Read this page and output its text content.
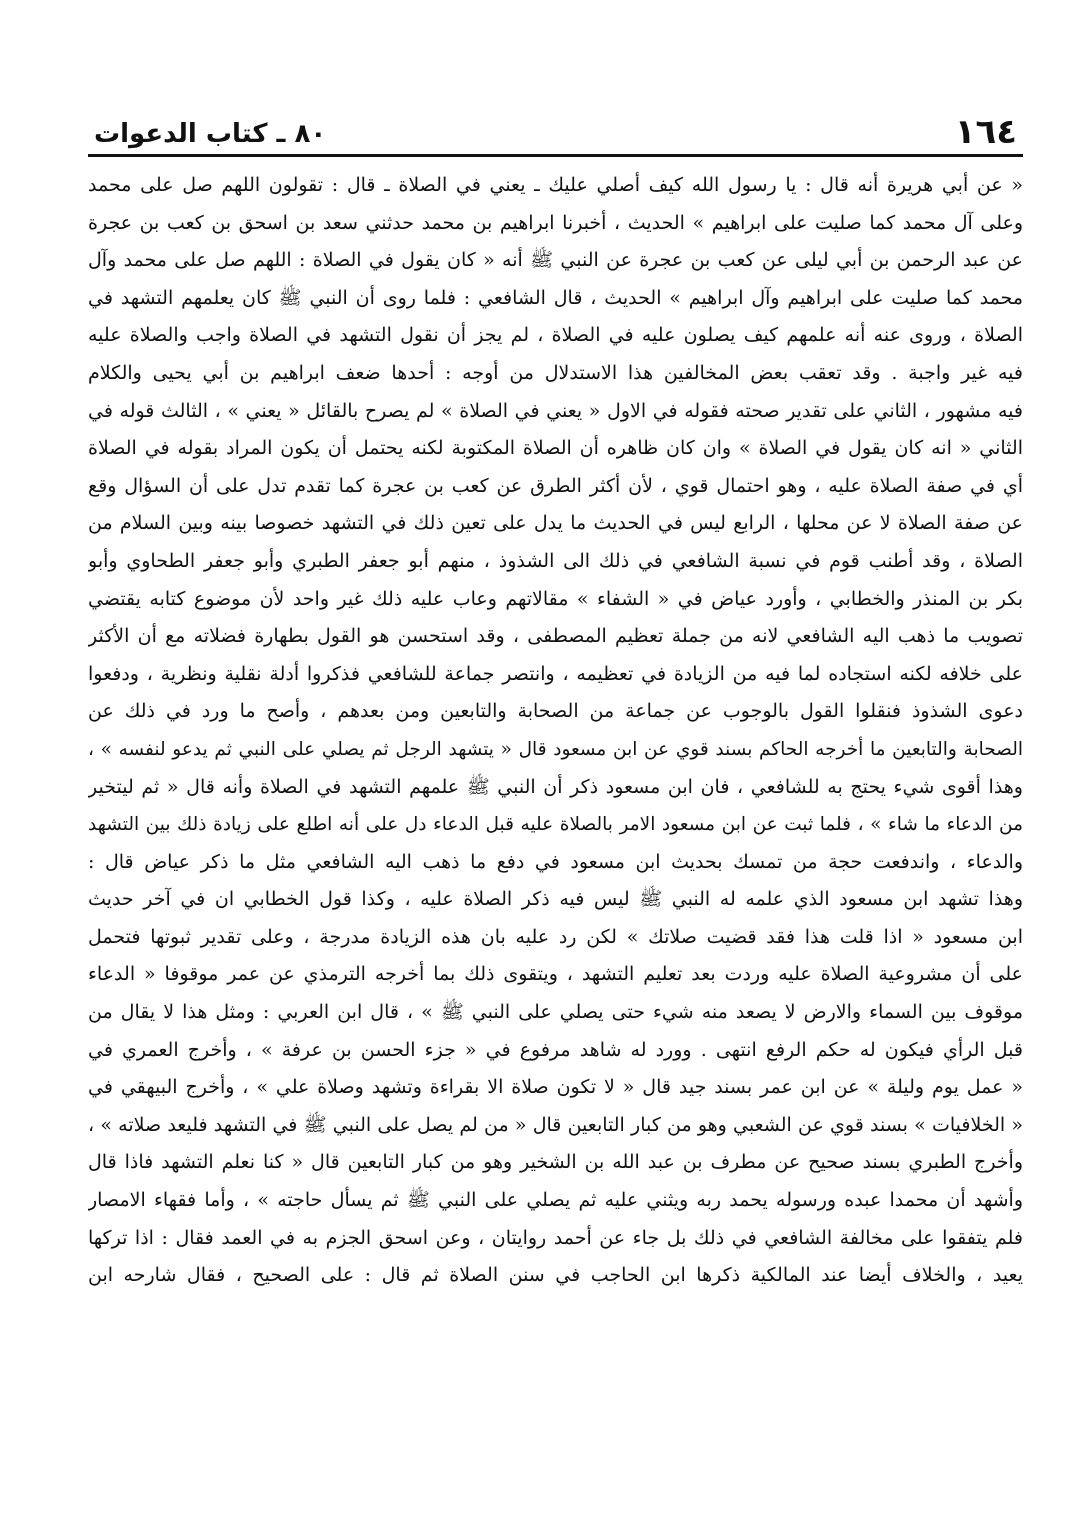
١٦٤
٨٠ ـ كتاب الدعوات
« عن أبي هريرة أنه قال : يا رسول الله كيف أصلي عليك ـ يعني في الصلاة ـ قال : تقولون اللهم صل على محمد
وعلى آل محمد كما صليت على ابراهيم » الحديث ، أخبرنا ابراهيم بن محمد حدثني سعد بن اسحق بن كعب بن عجرة
عن عبد الرحمن بن أبي ليلى عن كعب بن عجرة عن النبي ﷺ أنه « كان يقول في الصلاة : اللهم صل على محمد وآل
محمد كما صليت على ابراهيم وآل ابراهيم » الحديث ، قال الشافعي : فلما روى أن النبي ﷺ كان يعلمهم التشهد في
الصلاة ، وروى عنه أنه علمهم كيف يصلون عليه في الصلاة ، لم يجز أن نقول التشهد في الصلاة واجب والصلاة عليه
فيه غير واجبة . وقد تعقب بعض المخالفين هذا الاستدلال من أوجه : أحدها ضعف ابراهيم بن أبي يحيى والكلام
فيه مشهور ، الثاني على تقدير صحته فقوله في الاول « يعني في الصلاة » لم يصرح بالقائل « يعني » ، الثالث قوله في
الثاني « انه كان يقول في الصلاة » وان كان ظاهره أن الصلاة المكتوبة لكنه يحتمل أن يكون المراد بقوله في الصلاة
أي في صفة الصلاة عليه ، وهو احتمال قوي ، لأن أكثر الطرق عن كعب بن عجرة كما تقدم تدل على أن السؤال وقع
عن صفة الصلاة لا عن محلها ، الرابع ليس في الحديث ما يدل على تعين ذلك في التشهد خصوصا بينه وبين السلام من
الصلاة ، وقد أطنب قوم في نسبة الشافعي في ذلك الى الشذوذ ، منهم أبو جعفر الطبري وأبو جعفر الطحاوي وأبو
بكر بن المنذر والخطابي ، وأورد عياض في « الشفاء » مقالاتهم وعاب عليه ذلك غير واحد لأن موضوع كتابه يقتضي
تصويب ما ذهب اليه الشافعي لانه من جملة تعظيم المصطفى ، وقد استحسن هو القول بطهارة فضلاته مع أن الأكثر
على خلافه لكنه استجاده لما فيه من الزيادة في تعظيمه ، وانتصر جماعة للشافعي فذكروا أدلة نقلية ونظرية ، ودفعوا
دعوى الشذوذ فنقلوا القول بالوجوب عن جماعة من الصحابة والتابعين ومن بعدهم ، وأصح ما ورد في ذلك عن
الصحابة والتابعين ما أخرجه الحاكم بسند قوي عن ابن مسعود قال « يتشهد الرجل ثم يصلي على النبي ثم يدعو لنفسه » ،
وهذا أقوى شيء يحتج به للشافعي ، فان ابن مسعود ذكر أن النبي ﷺ علمهم التشهد في الصلاة وأنه قال « ثم ليتخير
من الدعاء ما شاء » ، فلما ثبت عن ابن مسعود الامر بالصلاة عليه قبل الدعاء دل على أنه اطلع على زيادة ذلك بين التشهد
والدعاء ، واندفعت حجة من تمسك بحديث ابن مسعود في دفع ما ذهب اليه الشافعي مثل ما ذكر عياض قال :
وهذا تشهد ابن مسعود الذي علمه له النبي ﷺ ليس فيه ذكر الصلاة عليه ، وكذا قول الخطابي ان في آخر حديث
ابن مسعود « اذا قلت هذا فقد قضيت صلاتك » لكن رد عليه بان هذه الزيادة مدرجة ، وعلى تقدير ثبوتها فتحمل
على أن مشروعية الصلاة عليه وردت بعد تعليم التشهد ، ويتقوى ذلك بما أخرجه الترمذي عن عمر موقوفا « الدعاء
موقوف بين السماء والارض لا يصعد منه شيء حتى يصلي على النبي ﷺ » ، قال ابن العربي : ومثل هذا لا يقال من
قبل الرأي فيكون له حكم الرفع انتهى . وورد له شاهد مرفوع في « جزء الحسن بن عرفة » ، وأخرج العمري في
« عمل يوم وليلة » عن ابن عمر بسند جيد قال « لا تكون صلاة الا بقراءة وتشهد وصلاة علي » ، وأخرج البيهقي في
« الخلافيات » بسند قوي عن الشعبي وهو من كبار التابعين قال « من لم يصل على النبي ﷺ في التشهد فليعد صلاته » ،
وأخرج الطبري بسند صحيح عن مطرف بن عبد الله بن الشخير وهو من كبار التابعين قال « كنا نعلم التشهد فاذا قال
وأشهد أن محمدا عبده ورسوله يحمد ربه ويثني عليه ثم يصلي على النبي ﷺ ثم يسأل حاجته » ، وأما فقهاء الامصار
فلم يتفقوا على مخالفة الشافعي في ذلك بل جاء عن أحمد روايتان ، وعن اسحق الجزم به في العمد فقال : اذا تركها
يعيد ، والخلاف أيضا عند المالكية ذكرها ابن الحاجب في سنن الصلاة ثم قال : على الصحيح ، فقال شارحه ابن
